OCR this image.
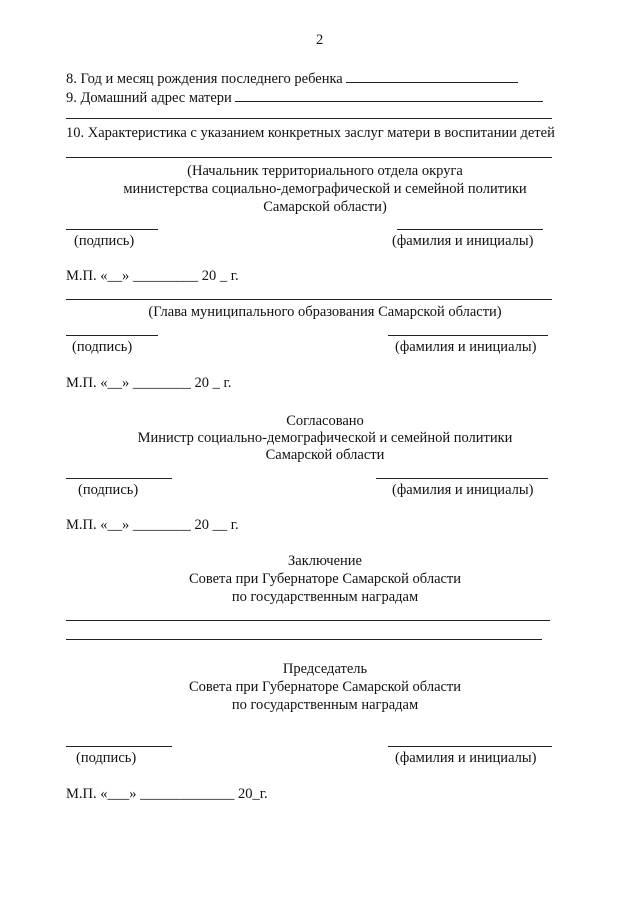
2
8. Год и месяц рождения последнего ребенка
9. Домашний адрес матери
10. Характеристика с указанием конкретных заслуг матери в воспитании детей
(Начальник территориального отдела округа
министерства социально-демографической и семейной политики
Самарской области)
(подпись)	(фамилия и инициалы)
М.П. «__» _________ 20 _ г.
(Глава муниципального образования Самарской области)
(подпись)	(фамилия и инициалы)
М.П. «__» ________ 20 _ г.
Согласовано
Министр социально-демографической и семейной политики
Самарской области
(подпись)	(фамилия и инициалы)
М.П. «__» ________ 20 __ г.
Заключение
Совета при Губернаторе Самарской области
по государственным наградам
Председатель
Совета при Губернаторе Самарской области
по государственным наградам
(подпись)	(фамилия и инициалы)
М.П. «___» _____________ 20_г.
